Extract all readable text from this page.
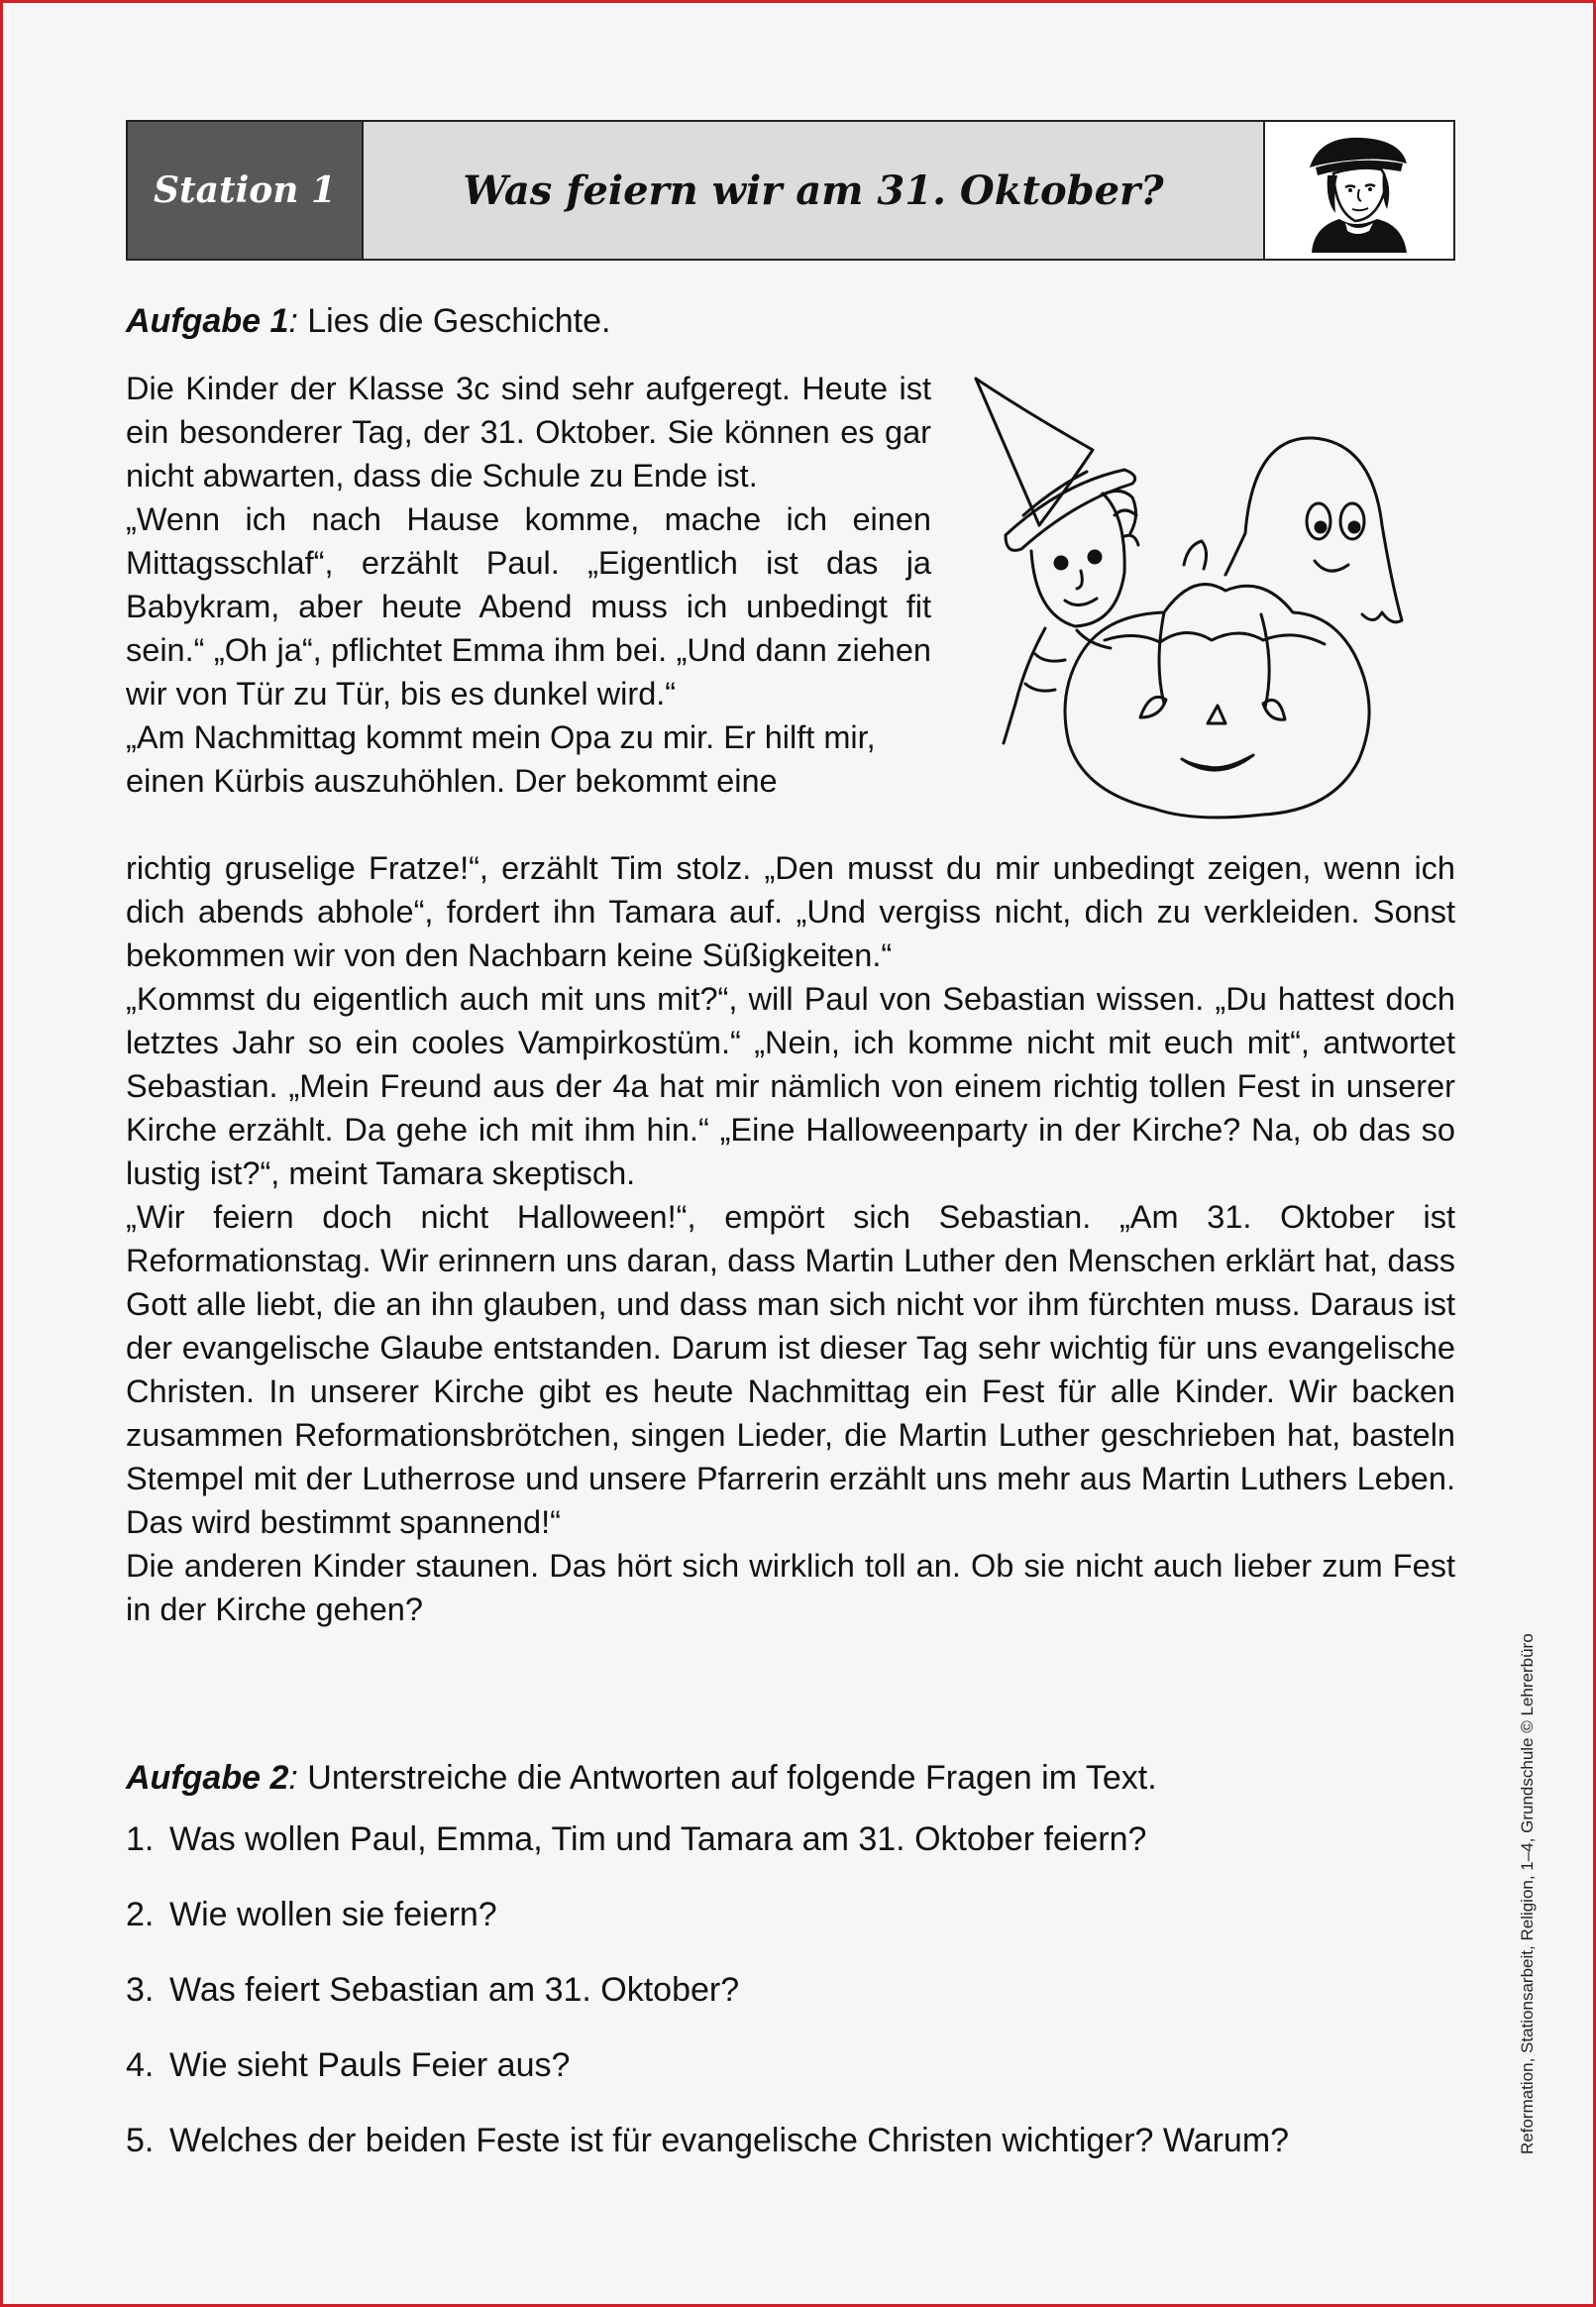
Station 1	Was feiern wir am 31. Oktober?
Aufgabe 1: Lies die Geschichte.

Die Kinder der Klasse 3c sind sehr aufgeregt. Heute ist ein besonderer Tag, der 31. Oktober. Sie können es gar nicht abwarten, dass die Schule zu Ende ist.

„Wenn ich nach Hause komme, mache ich einen Mittagsschlaf“, erzählt Paul. „Eigentlich ist das ja Babykram, aber heute Abend muss ich unbedingt fit sein.“ „Oh ja“, pflichtet Emma ihm bei. „Und dann ziehen wir von Tür zu Tür, bis es dunkel wird.“

„Am Nachmittag kommt mein Opa zu mir. Er hilft mir, einen Kürbis auszuhöhlen. Der bekommt eine

richtig gruselige Fratze!“, erzählt Tim stolz. „Den musst du mir unbedingt zeigen, wenn ich dich abends abhole“, fordert ihn Tamara auf. „Und vergiss nicht, dich zu verkleiden. Sonst bekommen wir von den Nachbarn keine Süßigkeiten.“

„Kommst du eigentlich auch mit uns mit?“, will Paul von Sebastian wissen. „Du hattest doch letztes Jahr so ein cooles Vampirkostüm.“ „Nein, ich komme nicht mit euch mit“, antwortet Sebastian. „Mein Freund aus der 4a hat mir nämlich von einem richtig tollen Fest in unserer Kirche erzählt. Da gehe ich mit ihm hin.“ „Eine Halloweenparty in der Kirche? Na, ob das so lustig ist?“, meint Tamara skeptisch.

„Wir feiern doch nicht Halloween!“, empört sich Sebastian. „Am 31. Oktober ist Reformationstag. Wir erinnern uns daran, dass Martin Luther den Menschen erklärt hat, dass Gott alle liebt, die an ihn glauben, und dass man sich nicht vor ihm fürchten muss. Daraus ist der evangelische Glaube entstanden. Darum ist dieser Tag sehr wichtig für uns evangelische Christen. In unserer Kirche gibt es heute Nachmittag ein Fest für alle Kinder. Wir backen zusammen Reformationsbrötchen, singen Lieder, die Martin Luther geschrieben hat, basteln Stempel mit der Lutherrose und unsere Pfarrerin erzählt uns mehr aus Martin Luthers Leben. Das wird bestimmt spannend!“

Die anderen Kinder staunen. Das hört sich wirklich toll an. Ob sie nicht auch lieber zum Fest in der Kirche gehen?

Aufgabe 2: Unterstreiche die Antworten auf folgende Fragen im Text.
1. Was wollen Paul, Emma, Tim und Tamara am 31. Oktober feiern?
2. Wie wollen sie feiern?
3. Was feiert Sebastian am 31. Oktober?
4. Wie sieht Pauls Feier aus?
5. Welches der beiden Feste ist für evangelische Christen wichtiger? Warum?	Reformation, Stationsarbeit, Religion, 1–4, Grundschule © Lehrerbüro
